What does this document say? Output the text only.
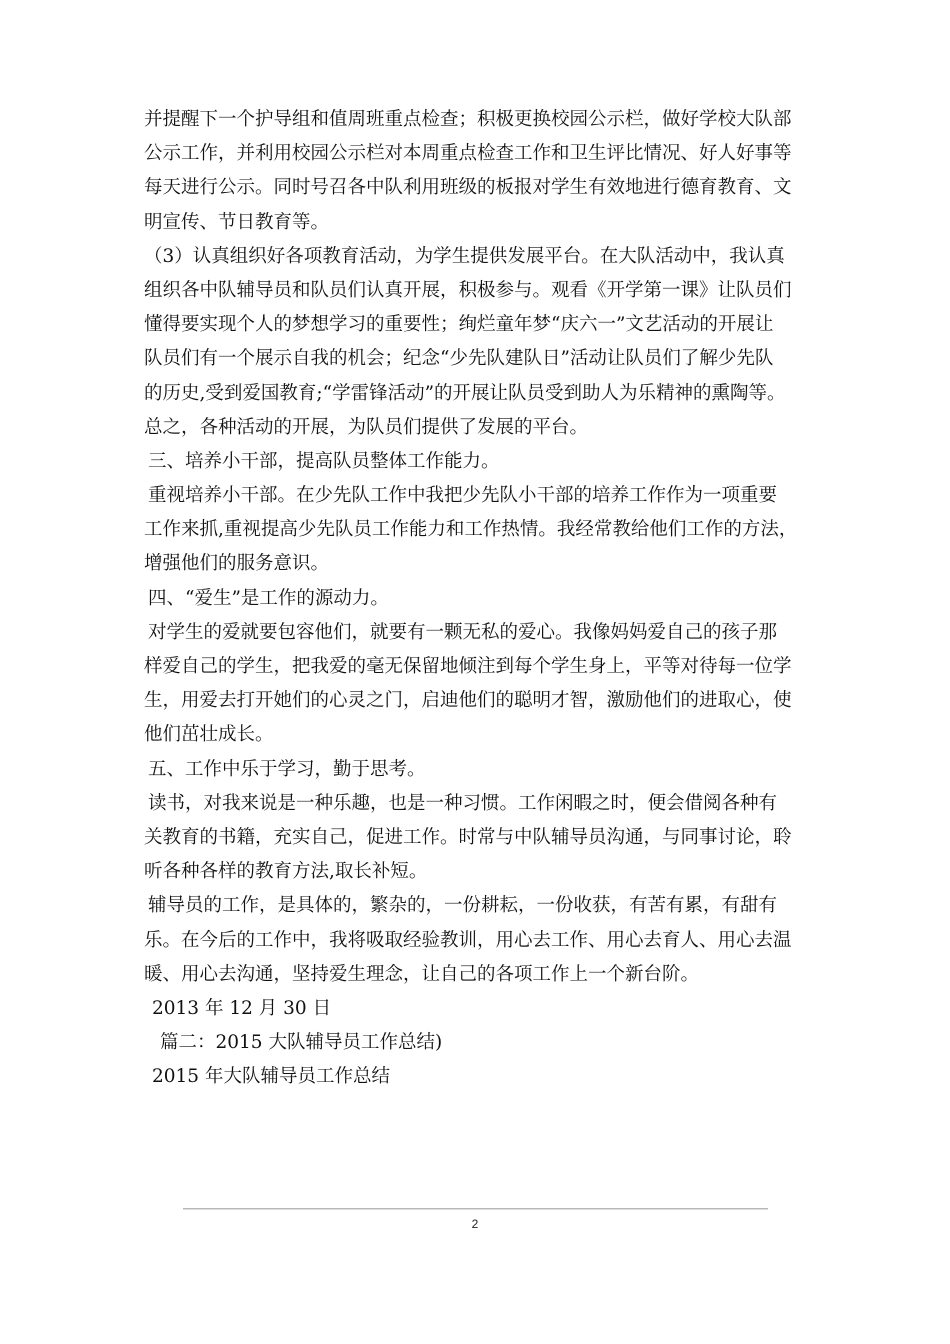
并提醒下一个护导组和值周班重点检查；积极更换校园公示栏，做好学校大队部
公示工作，并利用校园公示栏对本周重点检查工作和卫生评比情况、好人好事等
每天进行公示。同时号召各中队利用班级的板报对学生有效地进行德育教育、文
明宣传、节日教育等。
（3）认真组织好各项教育活动，为学生提供发展平台。在大队活动中，我认真
组织各中队辅导员和队员们认真开展，积极参与。观看《开学第一课》让队员们
懂得要实现个人的梦想学习的重要性；绚烂童年梦“庆六一”文艺活动的开展让
队员们有一个展示自我的机会；纪念“少先队建队日”活动让队员们了解少先队
的历史,受到爱国教育;“学雷锋活动”的开展让队员受到助人为乐精神的熏陶等。
总之，各种活动的开展，为队员们提供了发展的平台。
三、培养小干部，提高队员整体工作能力。
重视培养小干部。在少先队工作中我把少先队小干部的培养工作作为一项重要
工作来抓,重视提高少先队员工作能力和工作热情。我经常教给他们工作的方法，
增强他们的服务意识。
四、“爱生”是工作的源动力。
对学生的爱就要包容他们，就要有一颗无私的爱心。我像妈妈爱自己的孩子那
样爱自己的学生，把我爱的毫无保留地倾注到每个学生身上，平等对待每一位学
生，用爱去打开她们的心灵之门，启迪他们的聪明才智，激励他们的进取心，使
他们茁壮成长。
五、工作中乐于学习，勤于思考。
读书，对我来说是一种乐趣，也是一种习惯。工作闲暇之时，便会借阅各种有
关教育的书籍，充实自己，促进工作。时常与中队辅导员沟通，与同事讨论，聆
听各种各样的教育方法,取长补短。
辅导员的工作，是具体的，繁杂的，一份耕耘，一份收获，有苦有累，有甜有
乐。在今后的工作中，我将吸取经验教训，用心去工作、用心去育人、用心去温
暖、用心去沟通，坚持爱生理念，让自己的各项工作上一个新台阶。
2013 年 12 月 30 日
篇二：2015 大队辅导员工作总结)
2015 年大队辅导员工作总结
2
